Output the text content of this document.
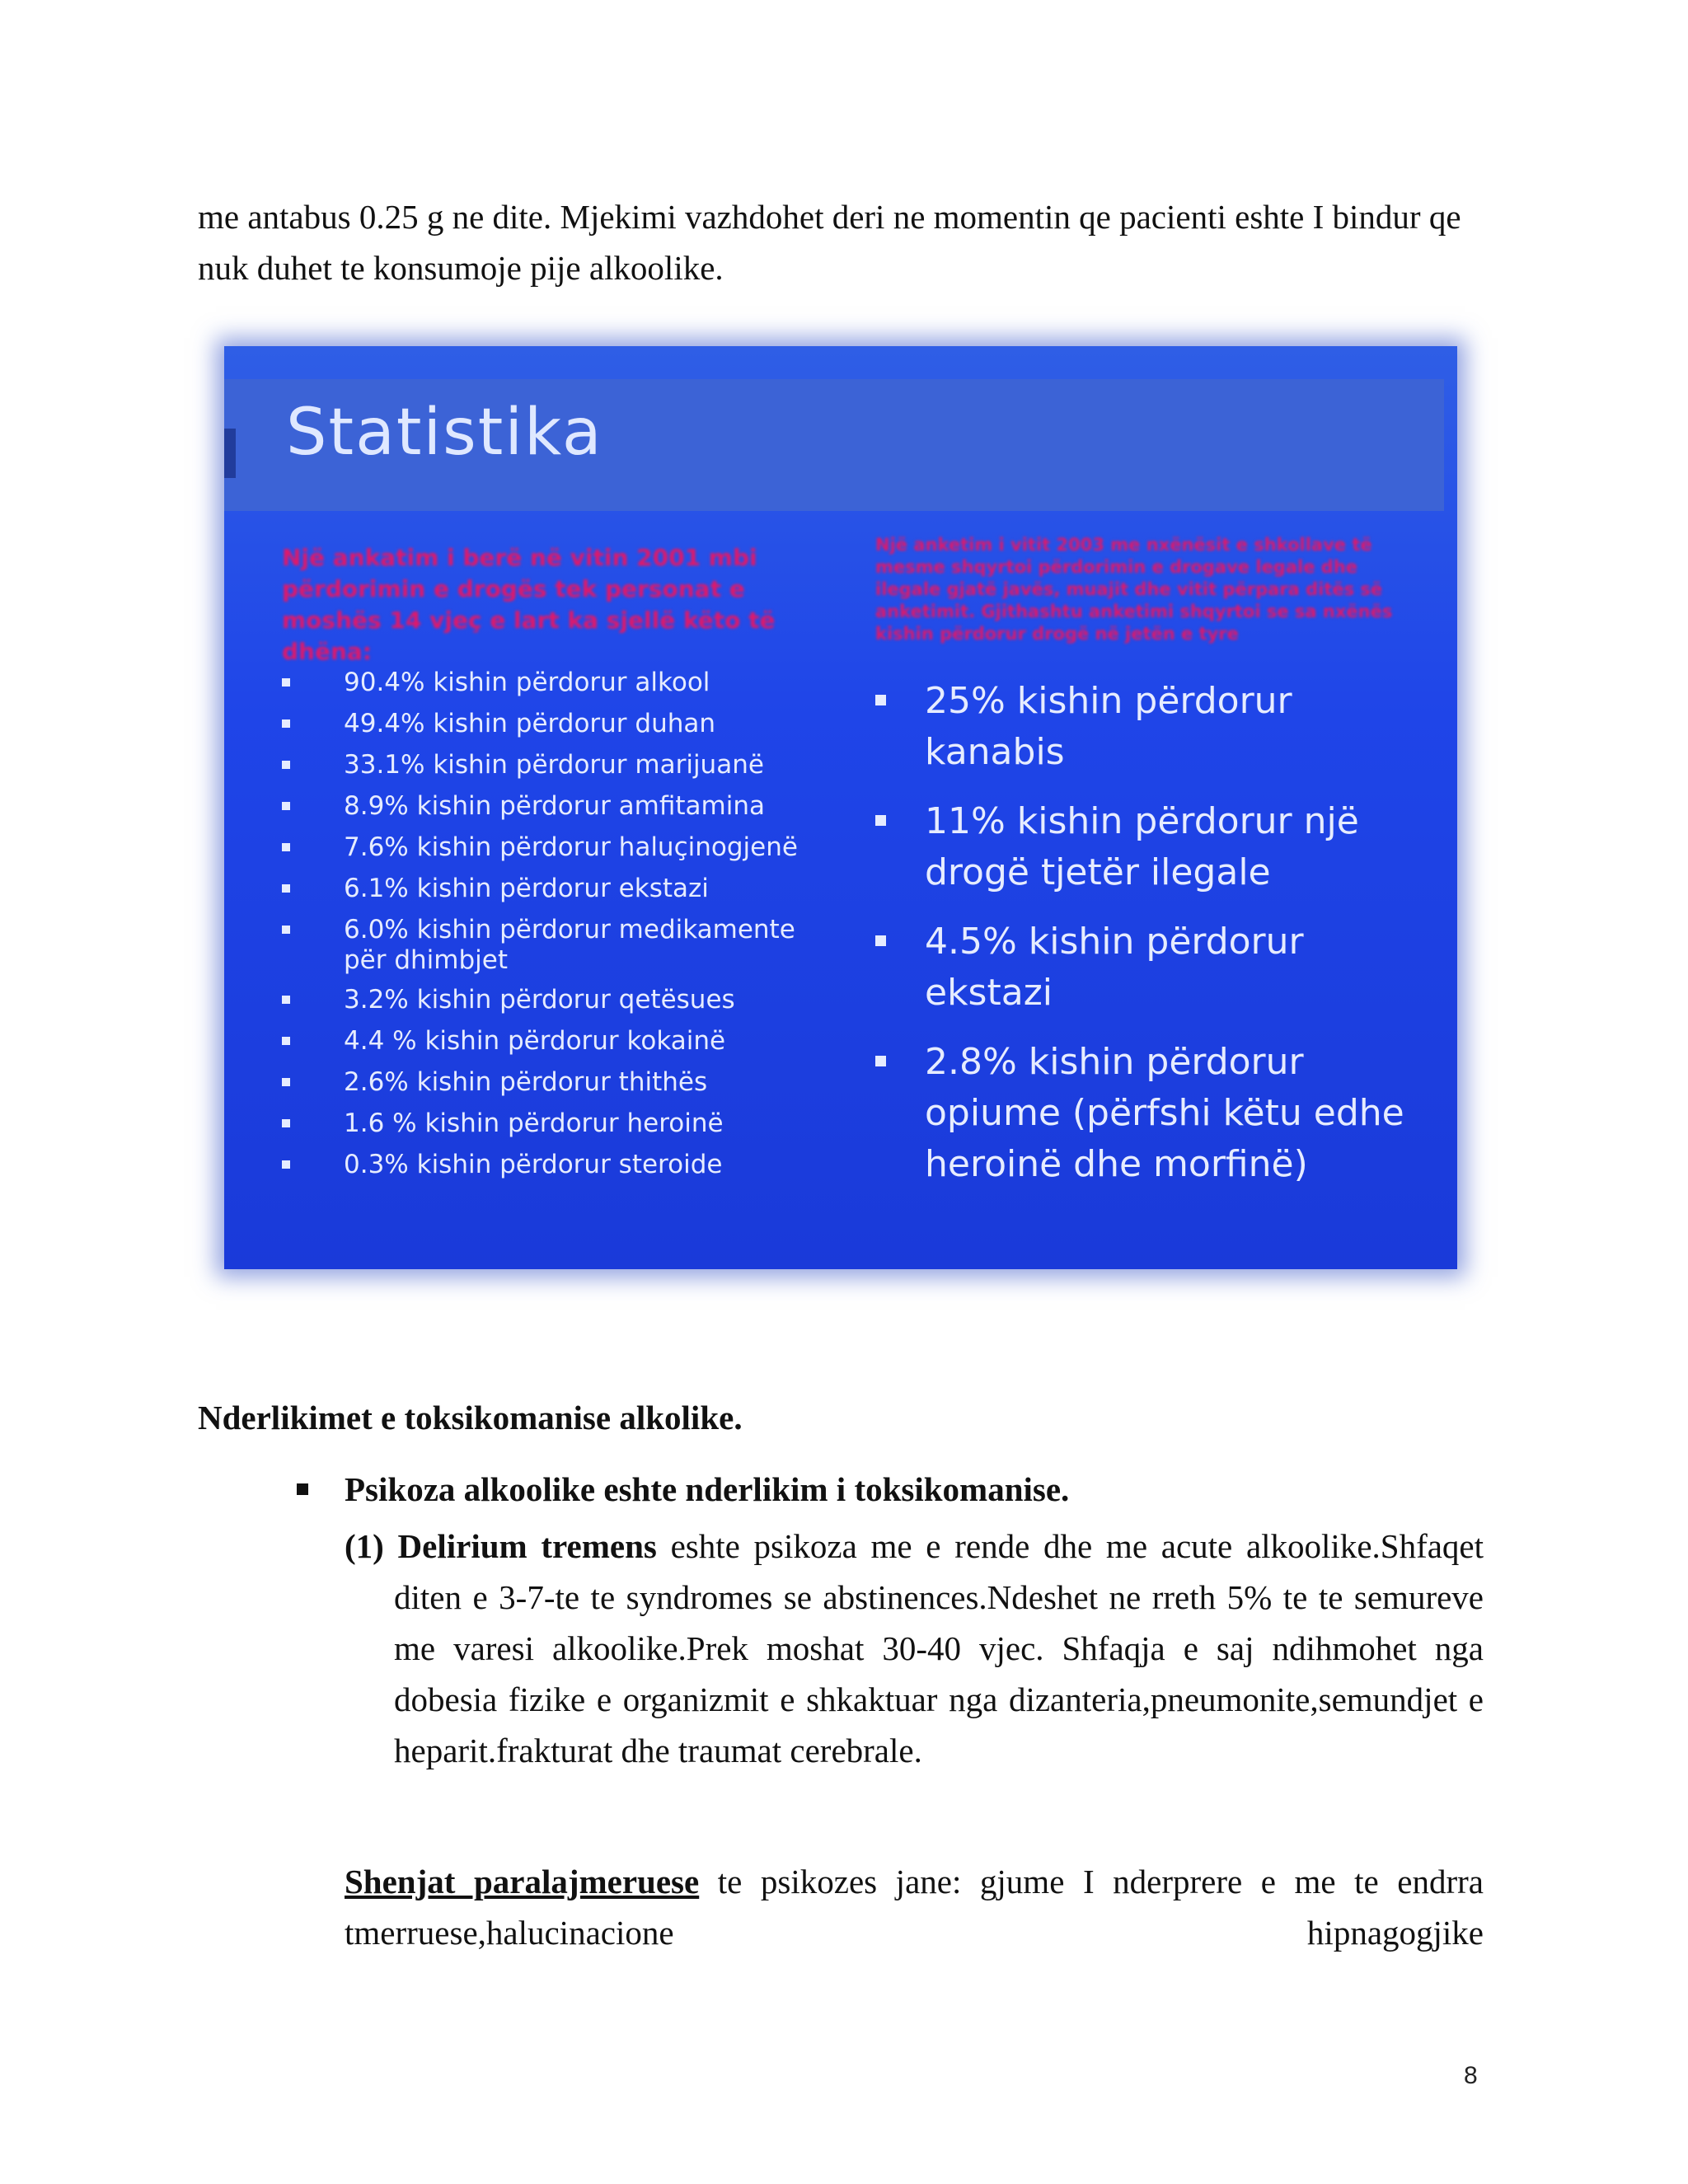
me antabus 0.25 g ne dite. Mjekimi vazhdohet deri ne momentin qe pacienti eshte I bindur qe nuk duhet te konsumoje pije alkoolike.

Statistika
Një ankatim i berë në vitin 2001 mbi përdorimin e drogës tek personat e moshës 14 vjeç e lart ka sjellë këto të dhëna:
Një anketim i vitit 2003 me nxënësit e shkollave të mesme shqyrtoi përdorimin e drogave legale dhe ilegale gjatë javës, muajit dhe vitit përpara ditës së anketimit. Gjithashtu anketimi shqyrtoi se sa nxënës kishin përdorur drogë në jetën e tyre
90.4% kishin përdorur alkool
49.4% kishin përdorur duhan
33.1% kishin përdorur marijuanë
8.9% kishin përdorur amfitamina
7.6% kishin përdorur haluçinogjenë
6.1% kishin përdorur ekstazi
6.0% kishin përdorur medikamente për dhimbjet
3.2% kishin përdorur qetësues
4.4 % kishin përdorur kokainë
2.6% kishin përdorur thithës
1.6 % kishin përdorur heroinë
0.3% kishin përdorur steroide
25% kishin përdorur kanabis
11% kishin përdorur një drogë tjetër ilegale
4.5% kishin përdorur ekstazi
2.8% kishin përdorur opiume (përfshi këtu edhe heroinë dhe morfinë)
Nderlikimet e toksikomanise alkolike.
Psikoza alkoolike eshte nderlikim i toksikomanise.

(1) Delirium tremens eshte psikoza me e rende dhe me acute alkoolike.Shfaqet diten e 3-7-te te syndromes se abstinences.Ndeshet ne rreth 5% te te semureve me varesi alkoolike.Prek moshat 30-40 vjec. Shfaqja e saj ndihmohet nga dobesia fizike e organizmit e shkaktuar nga dizanteria,pneumonite,semundjet e heparit.frakturat dhe traumat cerebrale.

Shenjat paralajmeruese te psikozes jane: gjume I nderprere e me te endrra tmerruese,halucinacione hipnagogjike

8
